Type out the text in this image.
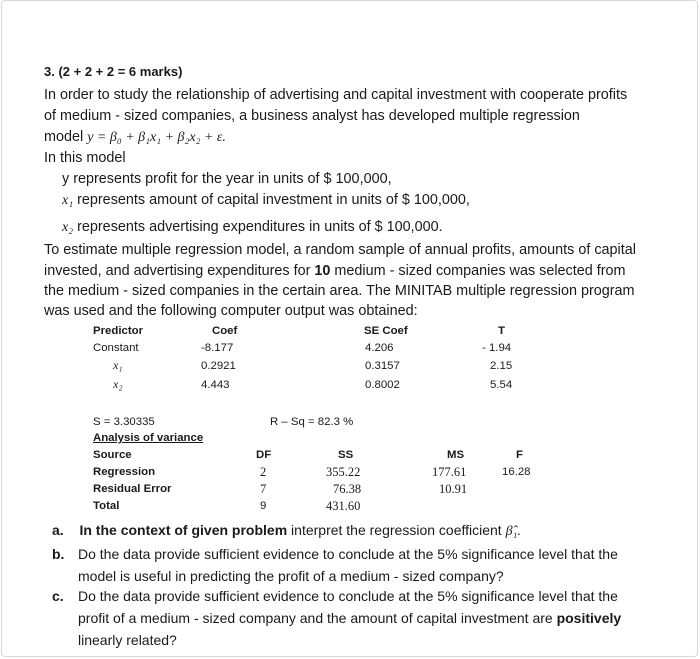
3. (2 + 2 + 2 = 6 marks)
In order to study the relationship of advertising and capital investment with cooperate profits
of medium - sized companies, a business analyst has developed multiple regression
model y = β₀ + β₁x₁ + β₂x₂ + ε.
In this model
y represents profit for the year in units of $ 100,000,
x₁ represents amount of capital investment in units of $ 100,000,
x₂ represents advertising expenditures in units of $ 100,000.
To estimate multiple regression model, a random sample of annual profits, amounts of capital
invested, and advertising expenditures for 10 medium - sized companies was selected from
the medium - sized companies in the certain area. The MINITAB multiple regression program
was used and the following computer output was obtained:
Predictor	Coef	SE Coef	T
Constant	-8.177	4.206	- 1.94
x₁	0.2921	0.3157	2.15
x₂	4.443	0.8002	5.54
S = 3.30335	R – Sq = 82.3 %
Analysis of variance
Source	DF	SS	MS	F
Regression	2	355.22	177.61	16.28
Residual Error	7	76.38	10.91
Total	9	431.60
a. In the context of given problem interpret the regression coefficient β̂₁.
b. Do the data provide sufficient evidence to conclude at the 5% significance level that the
model is useful in predicting the profit of a medium - sized company?
c. Do the data provide sufficient evidence to conclude at the 5% significance level that the
profit of a medium - sized company and the amount of capital investment are positively
linearly related?
